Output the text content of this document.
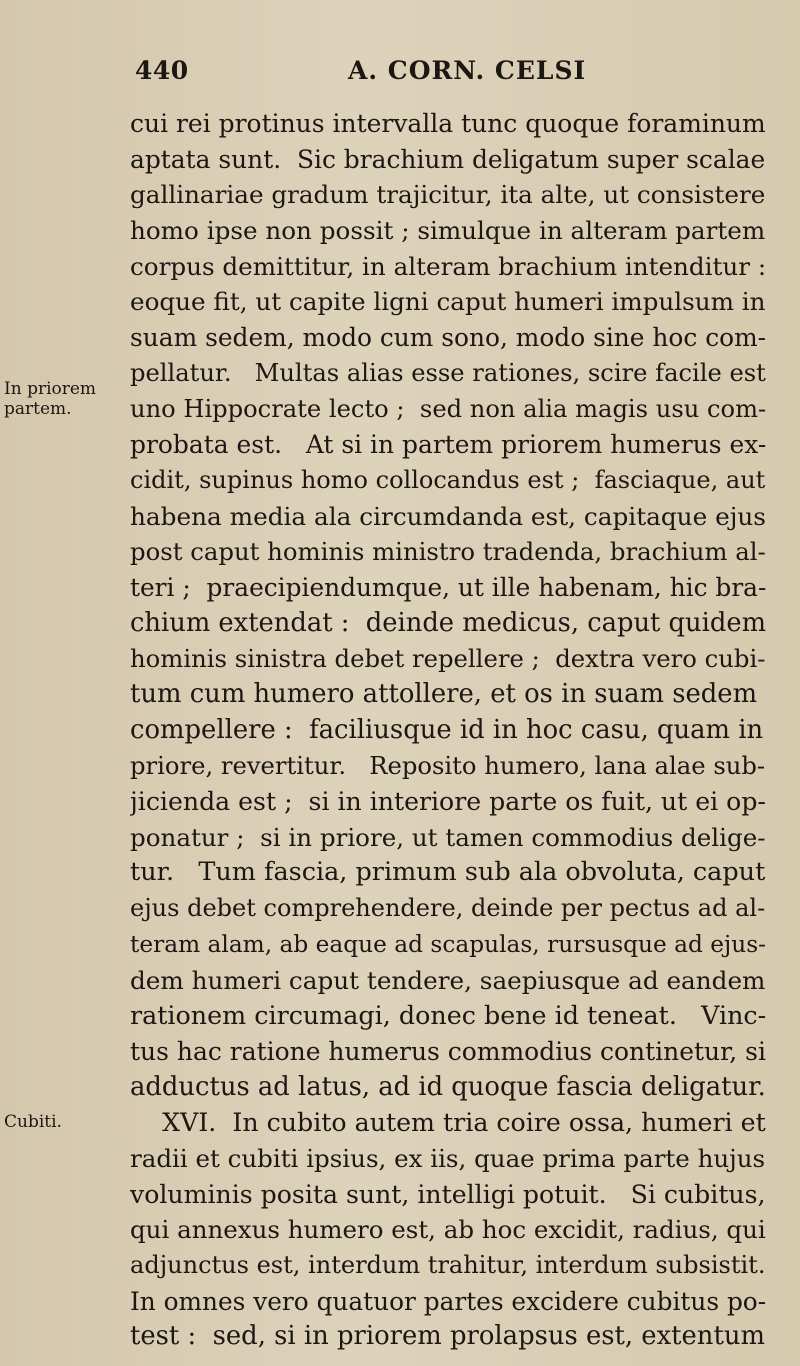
440	A. CORN. CELSI
In priorem
partem.
Cubiti.
cui rei protinus intervalla tunc quoque foraminum
aptata sunt.  Sic brachium deligatum super scalae
gallinariae gradum trajicitur, ita alte, ut consistere
homo ipse non possit ; simulque in alteram partem
corpus demittitur, in alteram brachium intenditur :
eoque fit, ut capite ligni caput humeri impulsum in
suam sedem, modo cum sono, modo sine hoc com-
pellatur.   Multas alias esse rationes, scire facile est
uno Hippocrate lecto ;  sed non alia magis usu com-
probata est.   At si in partem priorem humerus ex-
cidit, supinus homo collocandus est ;  fasciaque, aut
habena media ala circumdanda est, capitaque ejus
post caput hominis ministro tradenda, brachium al-
teri ;  praecipiendumque, ut ille habenam, hic bra-
chium extendat :  deinde medicus, caput quidem
hominis sinistra debet repellere ;  dextra vero cubi-
tum cum humero attollere, et os in suam sedem
compellere :  faciliusque id in hoc casu, quam in
priore, revertitur.   Reposito humero, lana alae sub-
jicienda est ;  si in interiore parte os fuit, ut ei op-
ponatur ;  si in priore, ut tamen commodius delige-
tur.   Tum fascia, primum sub ala obvoluta, caput
ejus debet comprehendere, deinde per pectus ad al-
teram alam, ab eaque ad scapulas, rursusque ad ejus-
dem humeri caput tendere, saepiusque ad eandem
rationem circumagi, donec bene id teneat.   Vinc-
tus hac ratione humerus commodius continetur, si
adductus ad latus, ad id quoque fascia deligatur.
XVI.  In cubito autem tria coire ossa, humeri et
radii et cubiti ipsius, ex iis, quae prima parte hujus
voluminis posita sunt, intelligi potuit.   Si cubitus,
qui annexus humero est, ab hoc excidit, radius, qui
adjunctus est, interdum trahitur, interdum subsistit.
In omnes vero quatuor partes excidere cubitus po-
test :  sed, si in priorem prolapsus est, extentum
